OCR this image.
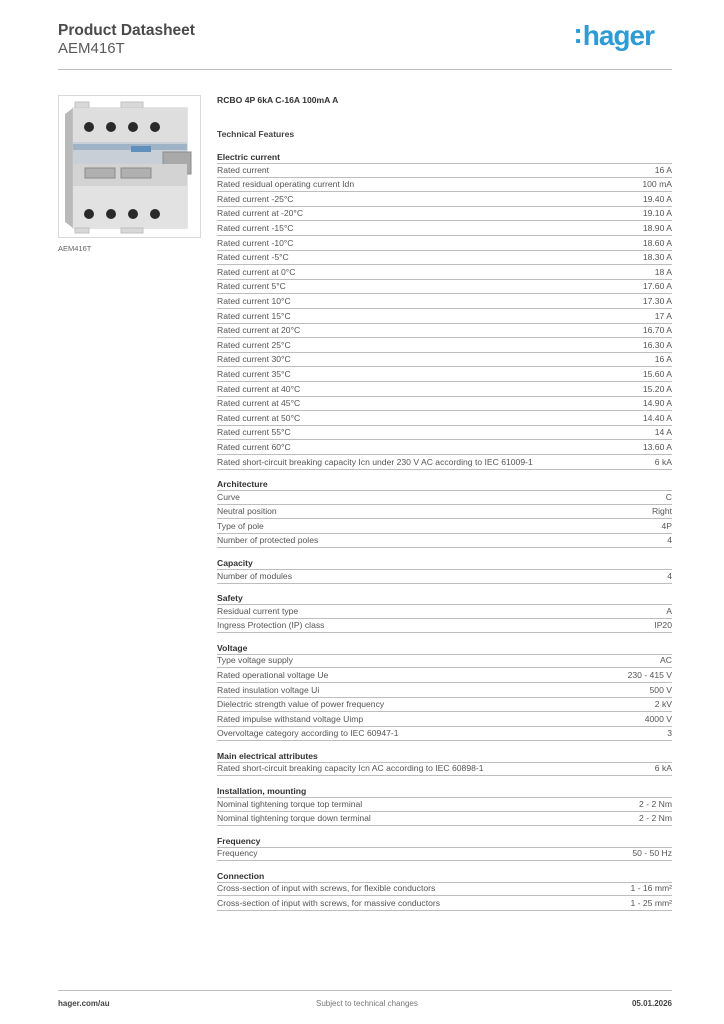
Product Datasheet
AEM416T	:hager
AEM416T
RCBO 4P 6kA C-16A 100mA A
Technical Features
Electric current
Rated current	16 A
Rated residual operating current Idn	100 mA
Rated current -25°C	19.40 A
Rated current at -20°C	19.10 A
Rated current -15°C	18.90 A
Rated current -10°C	18.60 A
Rated current -5°C	18.30 A
Rated current at 0°C	18 A
Rated current 5°C	17.60 A
Rated current 10°C	17.30 A
Rated current 15°C	17 A
Rated current at 20°C	16.70 A
Rated current 25°C	16.30 A
Rated current 30°C	16 A
Rated current 35°C	15.60 A
Rated current at 40°C	15.20 A
Rated current at 45°C	14.90 A
Rated current at 50°C	14.40 A
Rated current 55°C	14 A
Rated current 60°C	13.60 A
Rated short-circuit breaking capacity Icn under 230 V AC according to IEC 61009-1	6 kA
Architecture
Curve	C
Neutral position	Right
Type of pole	4P
Number of protected poles	4
Capacity
Number of modules	4
Safety
Residual current type	A
Ingress Protection (IP) class	IP20
Voltage
Type voltage supply	AC
Rated operational voltage Ue	230 - 415 V
Rated insulation voltage Ui	500 V
Dielectric strength value of power frequency	2 kV
Rated impulse withstand voltage Uimp	4000 V
Overvoltage category according to IEC 60947-1	3
Main electrical attributes
Rated short-circuit breaking capacity Icn AC according to IEC 60898-1	6 kA
Installation, mounting
Nominal tightening torque top terminal	2 - 2 Nm
Nominal tightening torque down terminal	2 - 2 Nm
Frequency
Frequency	50 - 50 Hz
Connection
Cross-section of input with screws, for flexible conductors	1 - 16 mm²
Cross-section of input with screws, for massive conductors	1 - 25 mm²
hager.com/au	Subject to technical changes	05.01.2026
